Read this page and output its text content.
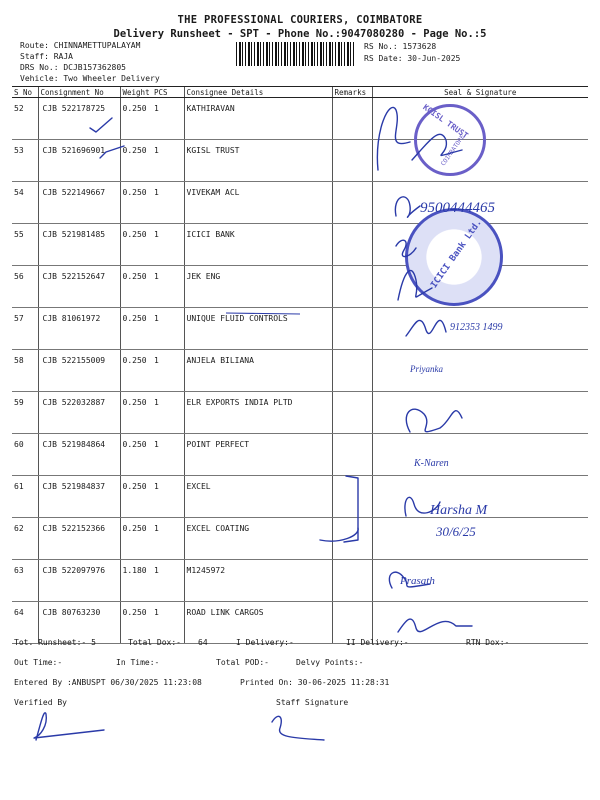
THE PROFESSIONAL COURIERS, COIMBATORE
Delivery Runsheet - SPT - Phone No.:9047080280 - Page No.:5
Route: CHINNAMETTUPALAYAM
Staff: RAJA
DRS No.: DCJB157362805
Vehicle: Two Wheeler Delivery
RS No.: 1573628
RS Date: 30-Jun-2025
S No	Consignment No	Weight	PCS	Consignee Details	Remarks	Seal & Signature
52	CJB 522178725	0.250	1	KATHIRAVAN		
53	CJB 521696901	0.250	1	KGISL TRUST		
54	CJB 522149667	0.250	1	VIVEKAM ACL		
55	CJB 521981485	0.250	1	ICICI BANK		
56	CJB 522152647	0.250	1	JEK ENG		
57	CJB 81061972	0.250	1	UNIQUE FLUID CONTROLS		
58	CJB 522155009	0.250	1	ANJELA BILIANA		
59	CJB 522032887	0.250	1	ELR EXPORTS INDIA PLTD		
60	CJB 521984864	0.250	1	POINT PERFECT		
61	CJB 521984837	0.250	1	EXCEL		
62	CJB 522152366	0.250	1	EXCEL COATING		
63	CJB 522097976	1.180	1	M1245972		
64	CJB 80763230	0.250	1	ROAD LINK CARGOS		
Tot. Runsheet:- 5	Total Dox:- 64	I Delivery:-	II Delivery:-	RTN Dox:-
Out Time:-	In Time:-	Total POD:-	Delvy Points:-
Entered By :ANBUSPT 06/30/2025 11:23:08	Printed On: 30-06-2025 11:28:31
Verified By	Staff Signature
KGISL TRUST
COIMBATORE
ICICI Bank Ltd.
9500444465
912353 1499
Priyanka
K-Naren
Harsha M
30/6/25
Prasath
